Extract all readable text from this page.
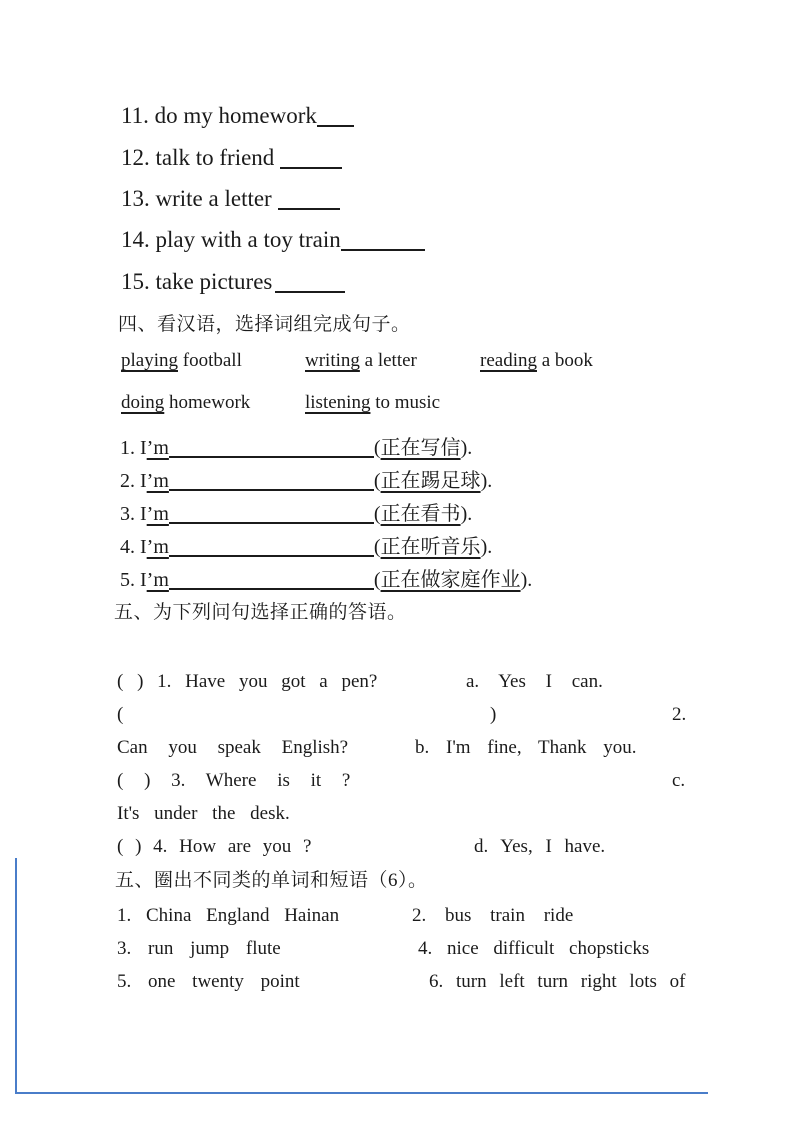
11. do my homework
12. talk to friend
13. write a letter
14. play with a toy train
15. take pictures
四、看汉语，选择词组完成句子。
playing football	writing a letter	reading a book
doing homework	listening to music
1. I’m	(正在写信).
2. I’m	(正在踢足球).
3. I’m	(正在看书).
4. I’m	(正在听音乐).
5. I’m	(正在做家庭作业).
五、为下列问句选择正确的答语。
( ) 1. Have you got a pen?	a. Yes I can.
(	)	2.
Can you speak English?	b. I'm fine, Thank you.
( ) 3. Where is it ?	c.
It's under the desk.
( ) 4. How are you ?	d. Yes, I have.
五、圈出不同类的单词和短语（6）。
1. China England Hainan	2. bus train ride
3. run jump flute	4. nice difficult chopsticks
5. one twenty point	6. turn left turn right lots of
